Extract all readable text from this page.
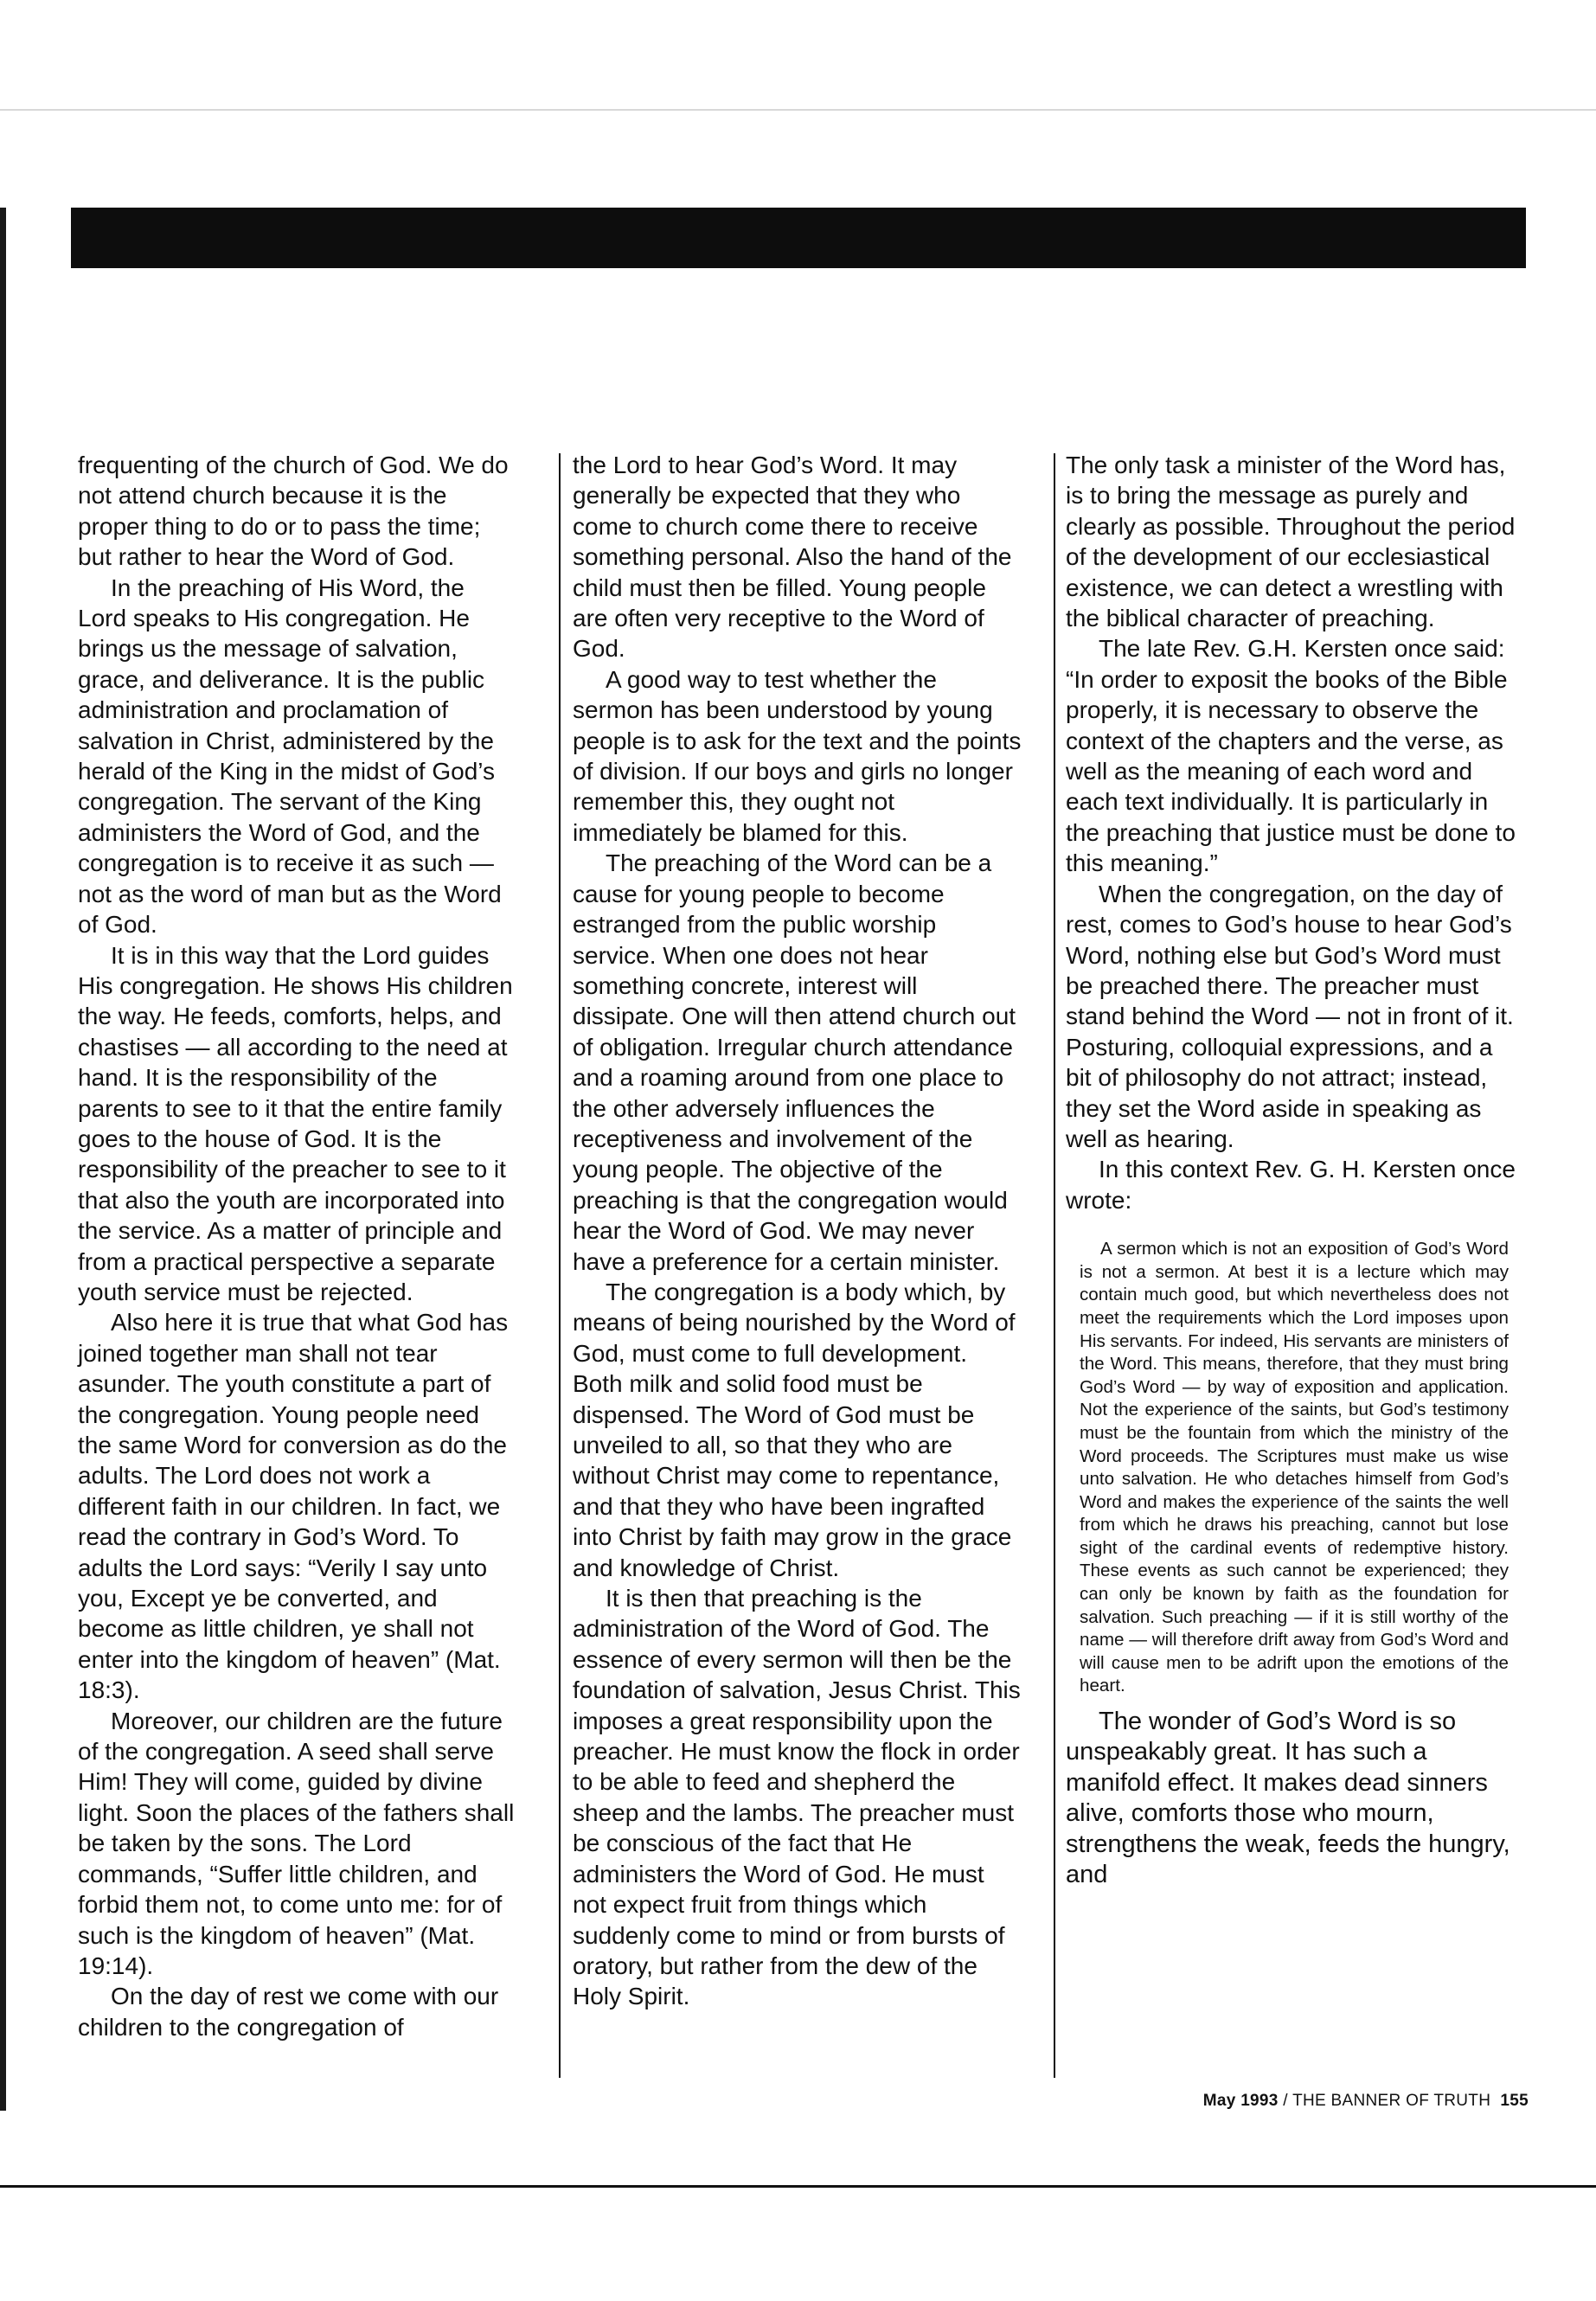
frequenting of the church of God. We do not attend church because it is the proper thing to do or to pass the time; but rather to hear the Word of God.

In the preaching of His Word, the Lord speaks to His congregation. He brings us the message of salvation, grace, and deliverance. It is the public administration and proclamation of salvation in Christ, administered by the herald of the King in the midst of God’s congregation. The servant of the King administers the Word of God, and the congregation is to receive it as such — not as the word of man but as the Word of God.

It is in this way that the Lord guides His congregation. He shows His children the way. He feeds, comforts, helps, and chastises — all according to the need at hand. It is the responsibility of the parents to see to it that the entire family goes to the house of God. It is the responsibility of the preacher to see to it that also the youth are incorporated into the service. As a matter of principle and from a practical perspective a separate youth service must be rejected.

Also here it is true that what God has joined together man shall not tear asunder. The youth constitute a part of the congregation. Young people need the same Word for conversion as do the adults. The Lord does not work a different faith in our children. In fact, we read the contrary in God’s Word. To adults the Lord says: “Verily I say unto you, Except ye be converted, and become as little children, ye shall not enter into the kingdom of heaven” (Mat. 18:3).

Moreover, our children are the future of the congregation. A seed shall serve Him! They will come, guided by divine light. Soon the places of the fathers shall be taken by the sons. The Lord commands, “Suffer little children, and forbid them not, to come unto me: for of such is the kingdom of heaven” (Mat. 19:14).

On the day of rest we come with our children to the congregation of

the Lord to hear God’s Word. It may generally be expected that they who come to church come there to receive something personal. Also the hand of the child must then be filled. Young people are often very receptive to the Word of God.

A good way to test whether the sermon has been understood by young people is to ask for the text and the points of division. If our boys and girls no longer remember this, they ought not immediately be blamed for this.

The preaching of the Word can be a cause for young people to become estranged from the public worship service. When one does not hear something concrete, interest will dissipate. One will then attend church out of obligation. Irregular church attendance and a roaming around from one place to the other adversely influences the receptiveness and involvement of the young people. The objective of the preaching is that the congregation would hear the Word of God. We may never have a preference for a certain minister.

The congregation is a body which, by means of being nourished by the Word of God, must come to full development. Both milk and solid food must be dispensed. The Word of God must be unveiled to all, so that they who are without Christ may come to repentance, and that they who have been ingrafted into Christ by faith may grow in the grace and knowledge of Christ.

It is then that preaching is the administration of the Word of God. The essence of every sermon will then be the foundation of salvation, Jesus Christ. This imposes a great responsibility upon the preacher. He must know the flock in order to be able to feed and shepherd the sheep and the lambs. The preacher must be conscious of the fact that He administers the Word of God. He must not expect fruit from things which suddenly come to mind or from bursts of oratory, but rather from the dew of the Holy Spirit.

The only task a minister of the Word has, is to bring the message as purely and clearly as possible. Throughout the period of the development of our ecclesiastical existence, we can detect a wrestling with the biblical character of preaching.

The late Rev. G.H. Kersten once said: “In order to exposit the books of the Bible properly, it is necessary to observe the context of the chapters and the verse, as well as the meaning of each word and each text individually. It is particularly in the preaching that justice must be done to this meaning.”

When the congregation, on the day of rest, comes to God’s house to hear God’s Word, nothing else but God’s Word must be preached there. The preacher must stand behind the Word — not in front of it. Posturing, colloquial expressions, and a bit of philosophy do not attract; instead, they set the Word aside in speaking as well as hearing.

In this context Rev. G. H. Kersten once wrote:

A sermon which is not an exposition of God’s Word is not a sermon. At best it is a lecture which may contain much good, but which nevertheless does not meet the requirements which the Lord imposes upon His servants. For indeed, His servants are ministers of the Word. This means, therefore, that they must bring God’s Word — by way of exposition and application. Not the experience of the saints, but God’s testimony must be the fountain from which the ministry of the Word proceeds. The Scriptures must make us wise unto salvation. He who detaches himself from God’s Word and makes the experience of the saints the well from which he draws his preaching, cannot but lose sight of the cardinal events of redemptive history. These events as such cannot be experienced; they can only be known by faith as the foundation for salvation. Such preaching — if it is still worthy of the name — will therefore drift away from God’s Word and will cause men to be adrift upon the emotions of the heart.

The wonder of God’s Word is so unspeakably great. It has such a manifold effect. It makes dead sinners alive, comforts those who mourn, strengthens the weak, feeds the hungry, and

May 1993 / THE BANNER OF TRUTH 155
